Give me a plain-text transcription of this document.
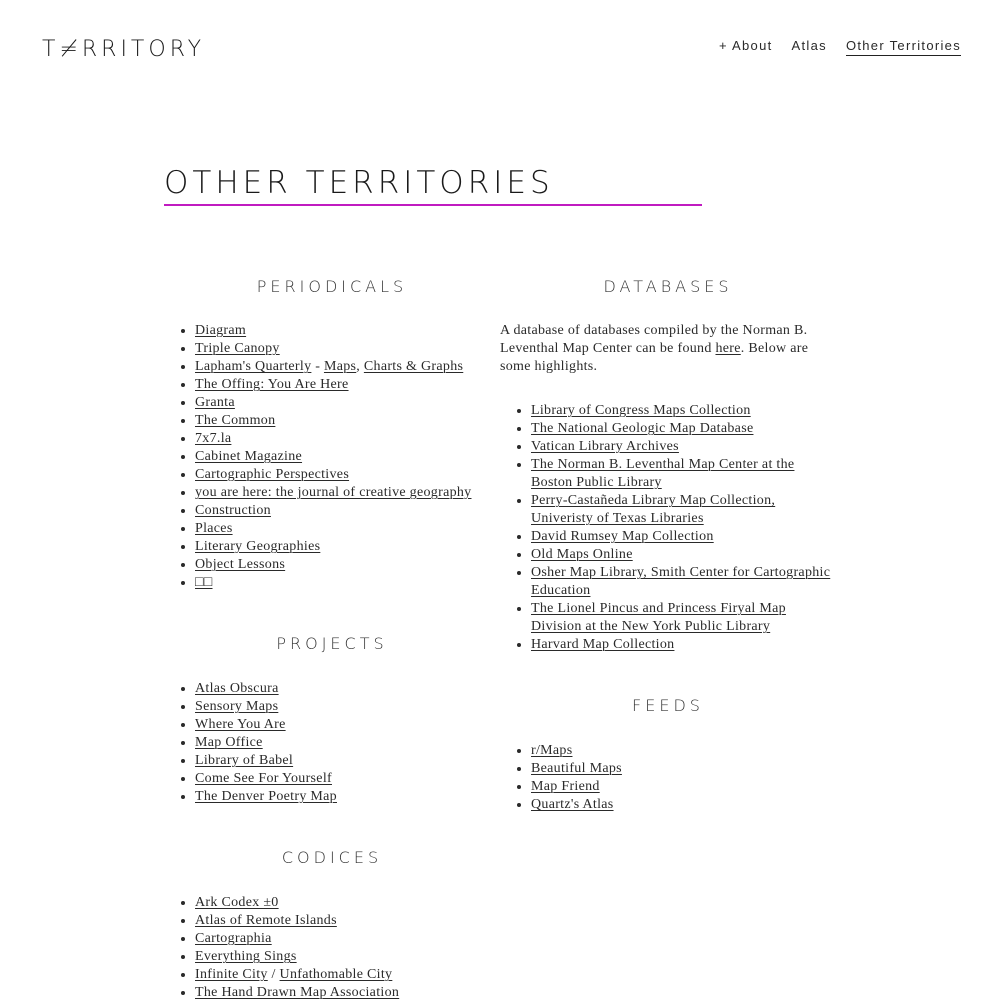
T≠RRITORY	+ About Atlas Other Territories
OTHER TERRITORIES
PERIODICALS
• Diagram
• Triple Canopy
• Lapham's Quarterly - Maps, Charts & Graphs
• The Offing: You Are Here
• Granta
• The Common
• 7x7.la
• Cabinet Magazine
• Cartographic Perspectives
• you are here: the journal of creative geography
• Construction
• Places
• Literary Geographies
• Object Lessons
• □□
PROJECTS
• Atlas Obscura
• Sensory Maps
• Where You Are
• Map Office
• Library of Babel
• Come See For Yourself
• The Denver Poetry Map
CODICES
• Ark Codex ±0
• Atlas of Remote Islands
• Cartographia
• Everything Sings
• Infinite City / Unfathomable City
• The Hand Drawn Map Association
DATABASES

A database of databases compiled by the Norman B. Leventhal Map Center can be found here. Below are some highlights.

• Library of Congress Maps Collection
• The National Geologic Map Database
• Vatican Library Archives
• The Norman B. Leventhal Map Center at the Boston Public Library
• Perry-Castañeda Library Map Collection, Univeristy of Texas Libraries
• David Rumsey Map Collection
• Old Maps Online
• Osher Map Library, Smith Center for Cartographic Education
• The Lionel Pincus and Princess Firyal Map Division at the New York Public Library
• Harvard Map Collection
FEEDS
• r/Maps
• Beautiful Maps
• Map Friend
• Quartz's Atlas
